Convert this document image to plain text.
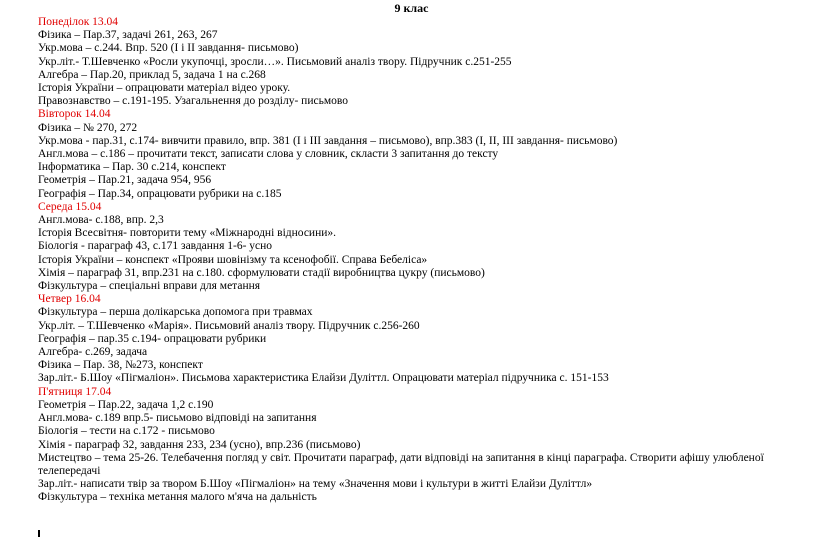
9 клас
Понеділок 13.04
Фізика – Пар.37, задачі 261, 263, 267
Укр.мова – с.244. Впр. 520 (І і ІІ завдання- письмово)
Укр.літ.- Т.Шевченко «Росли укупочці, зросли…». Письмовий аналіз твору. Підручник с.251-255
Алгебра – Пар.20, приклад 5, задача 1 на с.268
Історія України – опрацювати матеріал відео уроку.
Правознавство – с.191-195. Узагальнення до розділу- письмово
Вівторок 14.04
Фізика – № 270, 272
Укр.мова - пар.31, с.174- вивчити правило, впр. 381 (І і ІІІ завдання – письмово), впр.383 (І, ІІ, ІІІ завдання- письмово)
Англ.мова – с.186 – прочитати текст, записати слова у словник, скласти 3 запитання до тексту
Інформатика – Пар. 30 с.214, конспект
Геометрія – Пар.21, задача 954, 956
Географія – Пар.34, опрацювати рубрики на с.185
Середа 15.04
Англ.мова- с.188, впр. 2,3
Історія Всесвітня- повторити тему «Міжнародні відносини».
Біологія - параграф 43, с.171 завдання 1-6- усно
Історія України – конспект «Прояви шовінізму та ксенофобії. Справа Бебеліса»
Хімія – параграф 31, впр.231 на с.180. сформулювати стадії виробництва цукру (письмово)
Фізкультура – спеціальні вправи для метання
Четвер 16.04
Фізкультура – перша долікарська допомога при травмах
Укр.літ. – Т.Шевченко «Марія». Письмовий аналіз твору. Підручник с.256-260
Географія – пар.35 с.194- опрацювати рубрики
Алгебра- с.269, задача
Фізика – Пар. 38, №273, конспект
Зар.літ.- Б.Шоу «Пігмаліон». Письмова характеристика Елайзи Дуліттл. Опрацювати матеріал підручника с. 151-153
П'ятниця 17.04
Геометрія – Пар.22, задача 1,2 с.190
Англ.мова- с.189 впр.5- письмово відповіді на запитання
Біологія – тести на с.172 - письмово
Хімія - параграф 32, завдання 233, 234 (усно), впр.236 (письмово)
Мистецтво – тема 25-26. Телебачення погляд у світ. Прочитати параграф, дати відповіді на запитання в кінці параграфа. Створити афішу улюбленої телепередачі
Зар.літ.- написати твір за твором Б.Шоу «Пігмаліон» на тему «Значення мови і культури в житті Елайзи Дуліттл»
Фізкультура – техніка метання малого м'яча на дальність
